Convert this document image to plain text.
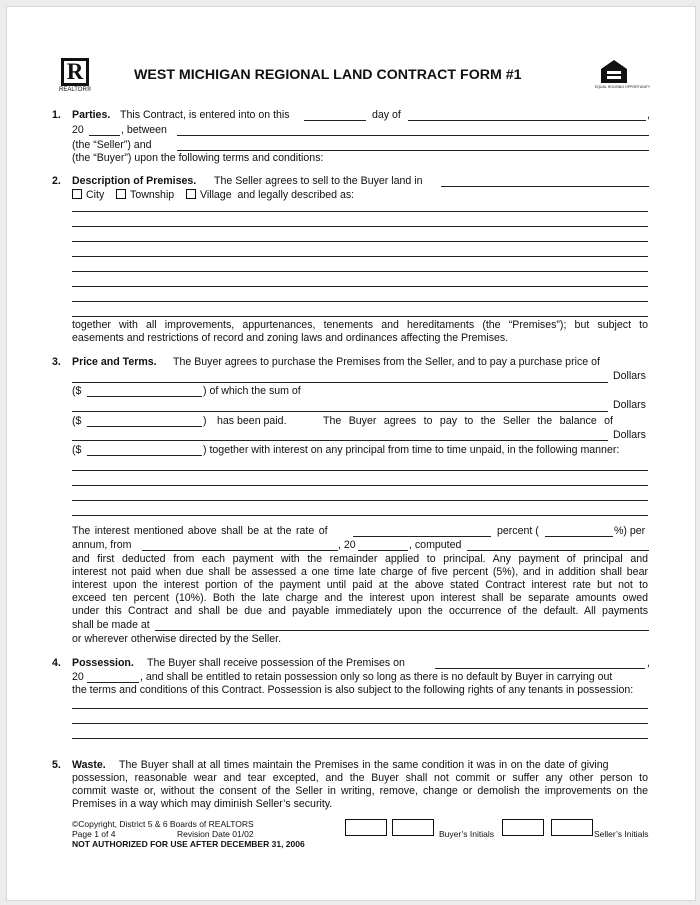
R
REALTOR®
WEST MICHIGAN REGIONAL LAND CONTRACT FORM #1
EQUAL HOUSING OPPORTUNITY
1. Parties. This Contract, is entered into on this	day of	,
20	, between
(the “Seller”) and
(the “Buyer”) upon the following terms and conditions:
2. Description of Premises. The Seller agrees to sell to the Buyer land in
City Township Village and legally described as:
together with all improvements, appurtenances, tenements and hereditaments (the “Premises”); but subject to
easements and restrictions of record and zoning laws and ordinances affecting the Premises.
3. Price and Terms. The Buyer agrees to purchase the Premises from the Seller, and to pay a purchase price of
Dollars
($	) of which the sum of
Dollars
($	) has been paid.	The Buyer agrees to pay to the Seller the balance of
Dollars
($	) together with interest on any principal from time to time unpaid, in the following manner:
The interest mentioned above shall be at the rate of	percent (	%) per
annum, from	, 20	, computed
and first deducted from each payment with the remainder applied to principal. Any payment of principal and
interest not paid when due shall be assessed a one time late charge of five percent (5%), and in addition shall bear
interest upon the interest portion of the payment until paid at the above stated Contract interest rate but not to
exceed ten percent (10%). Both the late charge and the interest upon interest shall be separate amounts owed
under this Contract and shall be due and payable immediately upon the occurrence of the default. All payments
shall be made at
or wherever otherwise directed by the Seller.
4. Possession. The Buyer shall receive possession of the Premises on	,
20	, and shall be entitled to retain possession only so long as there is no default by Buyer in carrying out
the terms and conditions of this Contract. Possession is also subject to the following rights of any tenants in possession:
5. Waste. The Buyer shall at all times maintain the Premises in the same condition it was in on the date of giving
possession, reasonable wear and tear excepted, and the Buyer shall not commit or suffer any other person to
commit waste or, without the consent of the Seller in writing, remove, change or demolish the improvements on the
Premises in a way which may diminish Seller’s security.
©Copyright, District 5 & 6 Boards of REALTORS
Page 1 of 4	Revision Date 01/02
NOT AUTHORIZED FOR USE AFTER DECEMBER 31, 2006
Buyer’s Initials	Seller’s Initials
